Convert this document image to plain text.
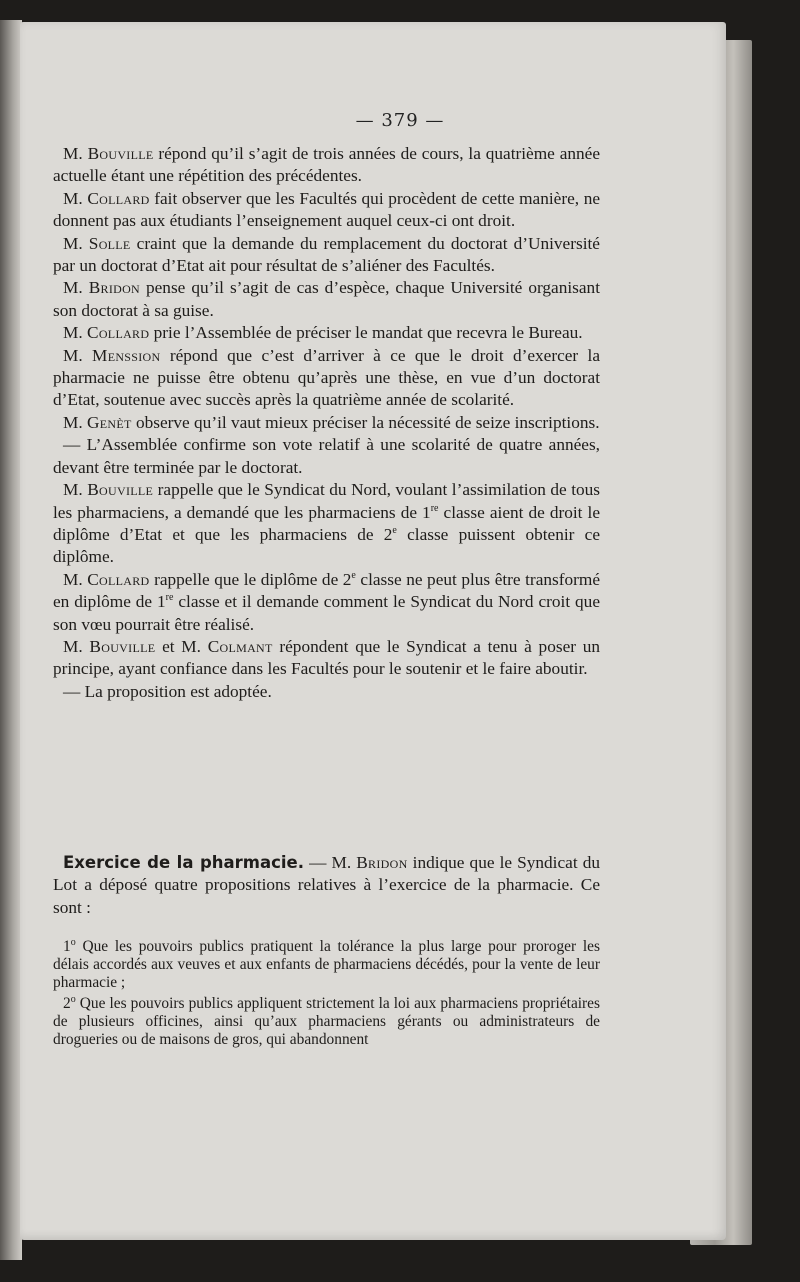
— 379 —

M. Bouville répond qu’il s’agit de trois années de cours, la quatrième année actuelle étant une répétition des précédentes.

M. Collard fait observer que les Facultés qui procèdent de cette manière, ne donnent pas aux étudiants l’enseignement auquel ceux-ci ont droit.

M. Solle craint que la demande du remplacement du doctorat d’Université par un doctorat d’Etat ait pour résultat de s’aliéner des Facultés.

M. Bridon pense qu’il s’agit de cas d’espèce, chaque Université organisant son doctorat à sa guise.

M. Collard prie l’Assemblée de préciser le mandat que recevra le Bureau.

M. Menssion répond que c’est d’arriver à ce que le droit d’exercer la pharmacie ne puisse être obtenu qu’après une thèse, en vue d’un doctorat d’Etat, soutenue avec succès après la quatrième année de scolarité.

M. Genèt observe qu’il vaut mieux préciser la nécessité de seize inscriptions.

— L’Assemblée confirme son vote relatif à une scolarité de quatre années, devant être terminée par le doctorat.

M. Bouville rappelle que le Syndicat du Nord, voulant l’assimilation de tous les pharmaciens, a demandé que les pharmaciens de 1re classe aient de droit le diplôme d’Etat et que les pharmaciens de 2e classe puissent obtenir ce diplôme.

M. Collard rappelle que le diplôme de 2e classe ne peut plus être transformé en diplôme de 1re classe et il demande comment le Syndicat du Nord croit que son vœu pourrait être réalisé.

M. Bouville et M. Colmant répondent que le Syndicat a tenu à poser un principe, ayant confiance dans les Facultés pour le soutenir et le faire aboutir.

— La proposition est adoptée.

Exercice de la pharmacie. — M. Bridon indique que le Syndicat du Lot a déposé quatre propositions relatives à l’exercice de la pharmacie. Ce sont :

1$^o$ Que les pouvoirs publics pratiquent la tolérance la plus large pour proroger les délais accordés aux veuves et aux enfants de pharmaciens décédés, pour la vente de leur pharmacie ;

2$^o$ Que les pouvoirs publics appliquent strictement la loi aux pharmaciens propriétaires de plusieurs officines, ainsi qu’aux pharmaciens gérants ou administrateurs de drogueries ou de maisons de gros, qui abandonnent
